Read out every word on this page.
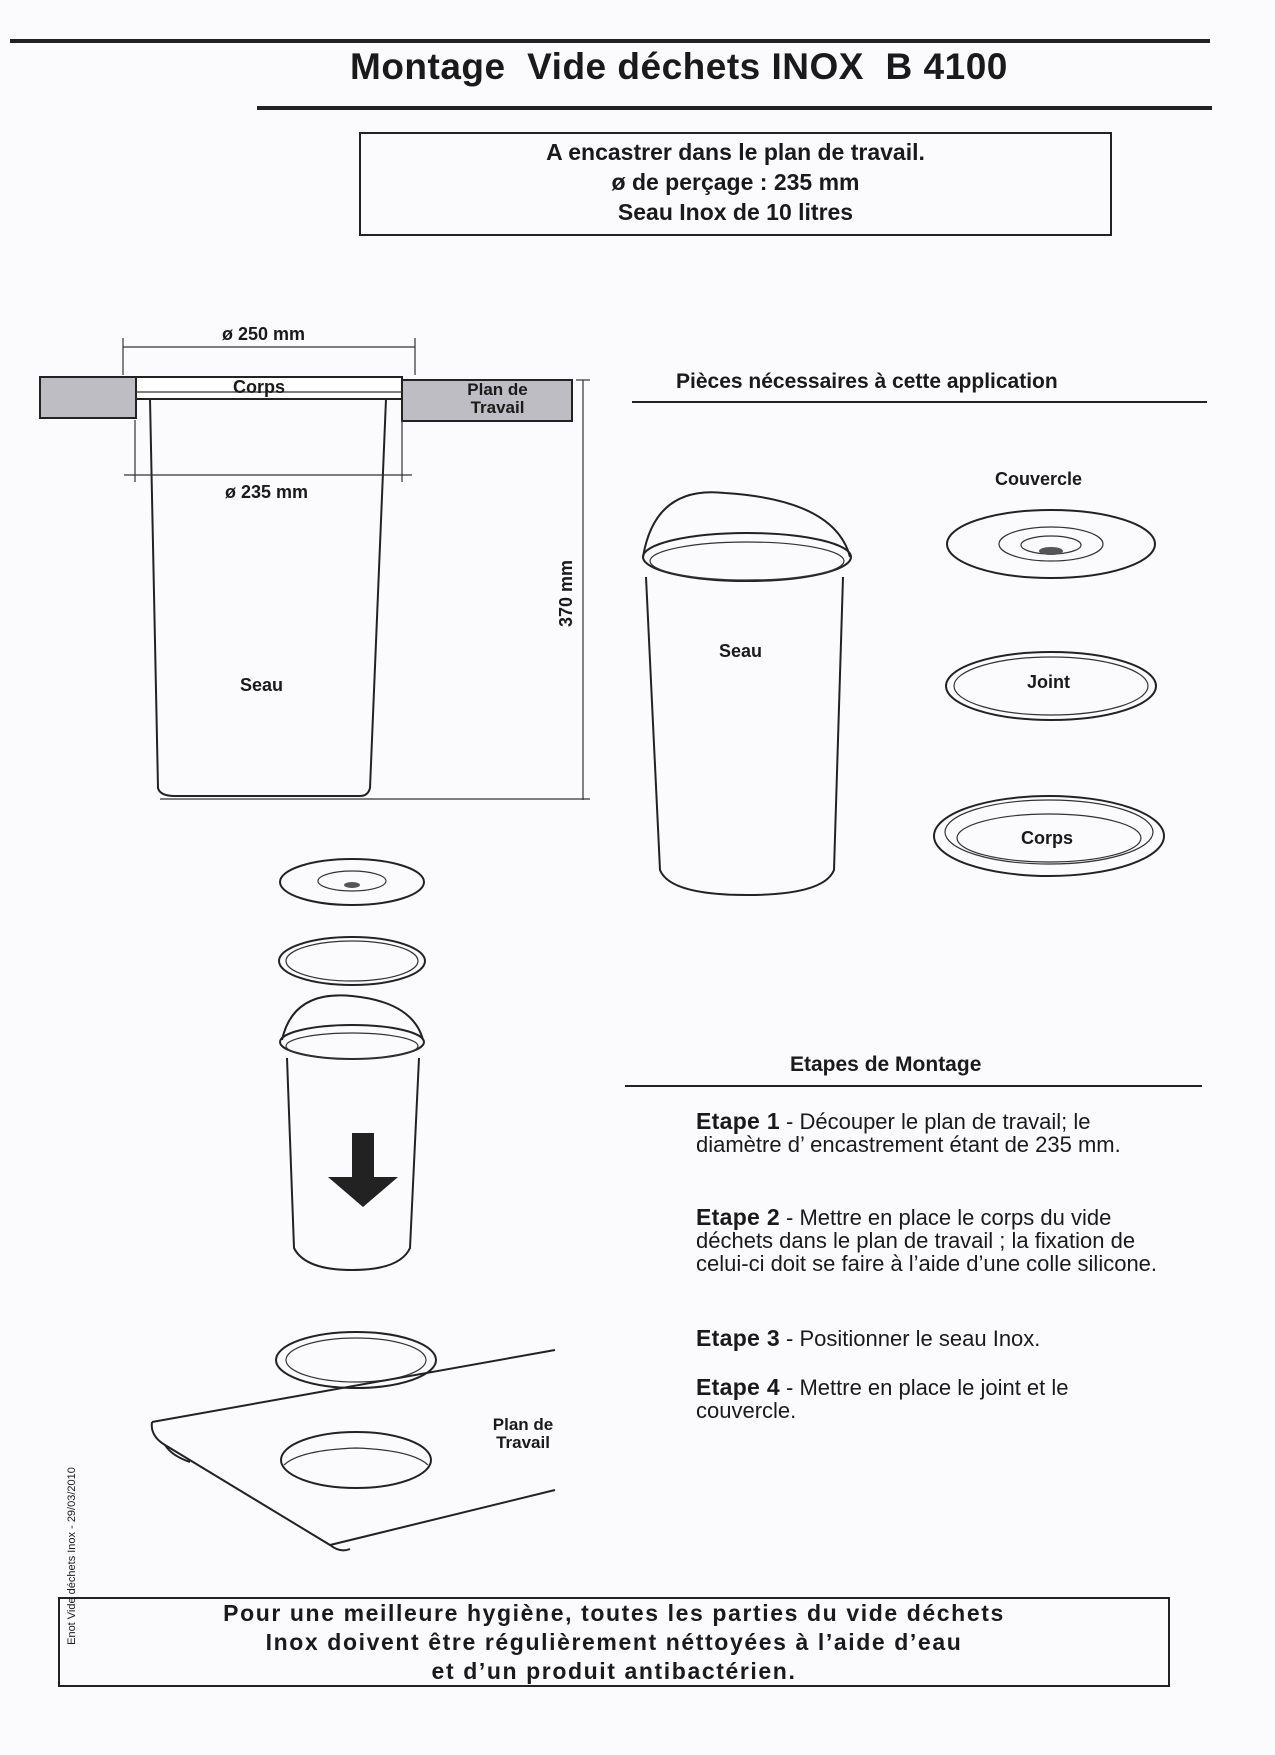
Montage  Vide déchets INOX  B 4100
A encastrer dans le plan de travail.
ø de perçage : 235 mm
Seau Inox de 10 litres
ø 250 mm
Corps	Plan de
Travail
ø 235 mm
370 mm
Seau
Pièces nécessaires à cette application
Seau
Couvercle
Joint
Corps
Plan de
Travail
Etapes de Montage
Etape 1 - Découper le plan de travail; le diamètre d’ encastrement étant de 235 mm.
Etape 2 - Mettre en place le corps du vide déchets dans le plan de travail ; la fixation de celui-ci doit se faire à l’aide d’une colle silicone.
Etape 3 - Positionner le seau Inox.
Etape 4 - Mettre en place le joint et le couvercle.
Pour une meilleure hygiène, toutes les parties du vide déchets
Inox doivent être régulièrement néttoyées à l’aide d’eau
et d’un produit antibactérien.
Enot Vide déchets Inox - 29/03/2010
